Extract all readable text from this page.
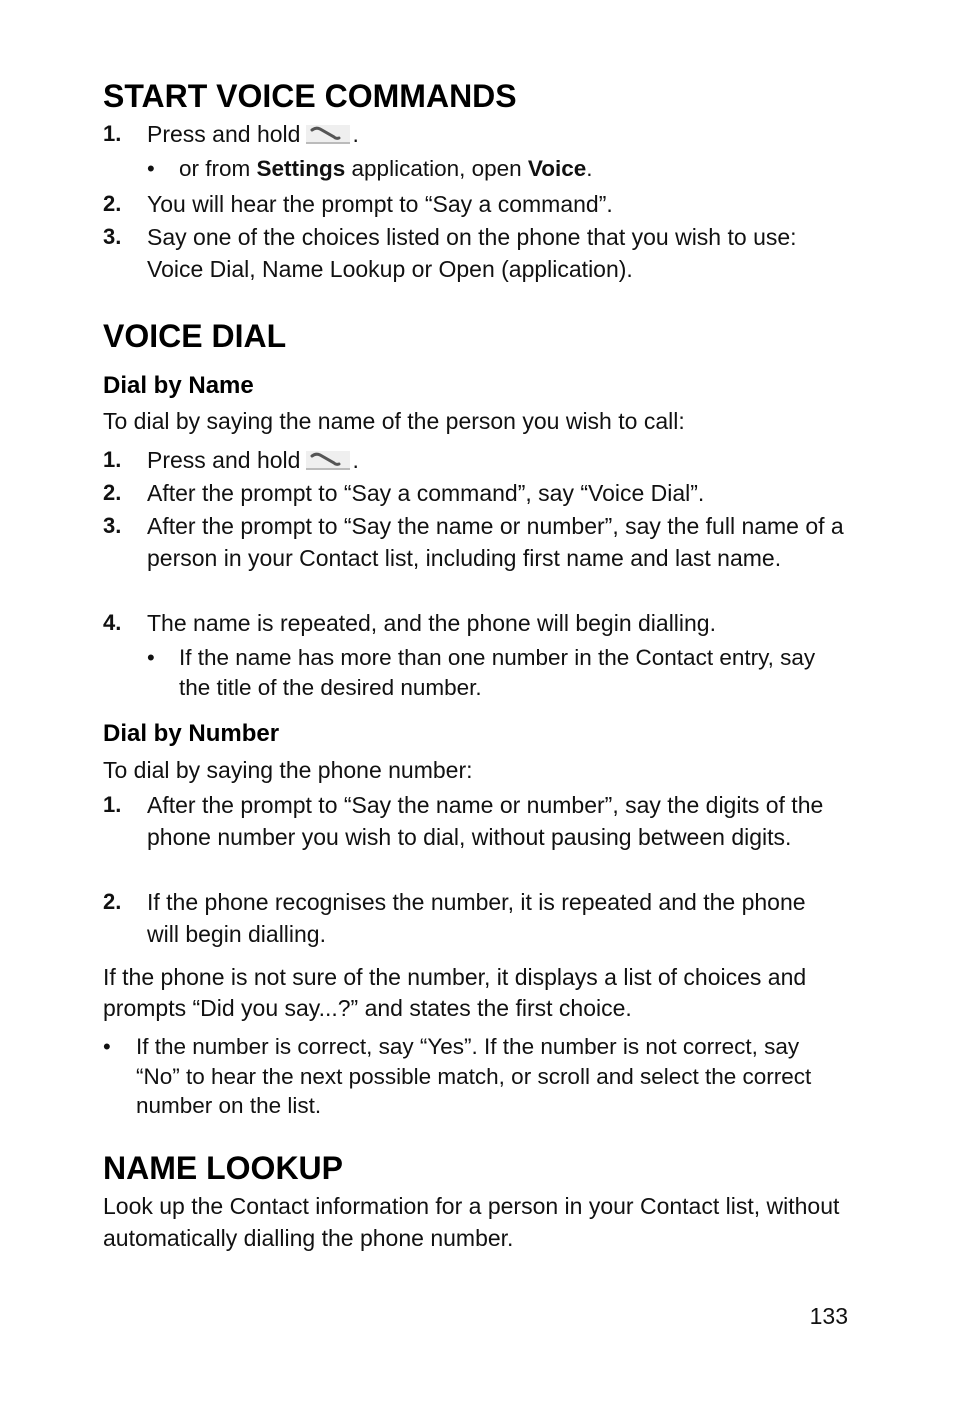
START VOICE COMMANDS
1. Press and hold .
• or from Settings application, open Voice.
2. You will hear the prompt to “Say a command”.
3. Say one of the choices listed on the phone that you wish to use: Voice Dial, Name Lookup or Open (application).
VOICE DIAL
Dial by Name
To dial by saying the name of the person you wish to call:
1. Press and hold .
2. After the prompt to “Say a command”, say “Voice Dial”.
3. After the prompt to “Say the name or number”, say the full name of a person in your Contact list, including first name and last name.
4. The name is repeated, and the phone will begin dialling.
• If the name has more than one number in the Contact entry, say the title of the desired number.
Dial by Number
To dial by saying the phone number:
1. After the prompt to “Say the name or number”, say the digits of the phone number you wish to dial, without pausing between digits.
2. If the phone recognises the number, it is repeated and the phone will begin dialling.
If the phone is not sure of the number, it displays a list of choices and prompts “Did you say...?” and states the first choice.
• If the number is correct, say “Yes”. If the number is not correct, say “No” to hear the next possible match, or scroll and select the correct number on the list.
NAME LOOKUP
Look up the Contact information for a person in your Contact list, without automatically dialling the phone number.
133
